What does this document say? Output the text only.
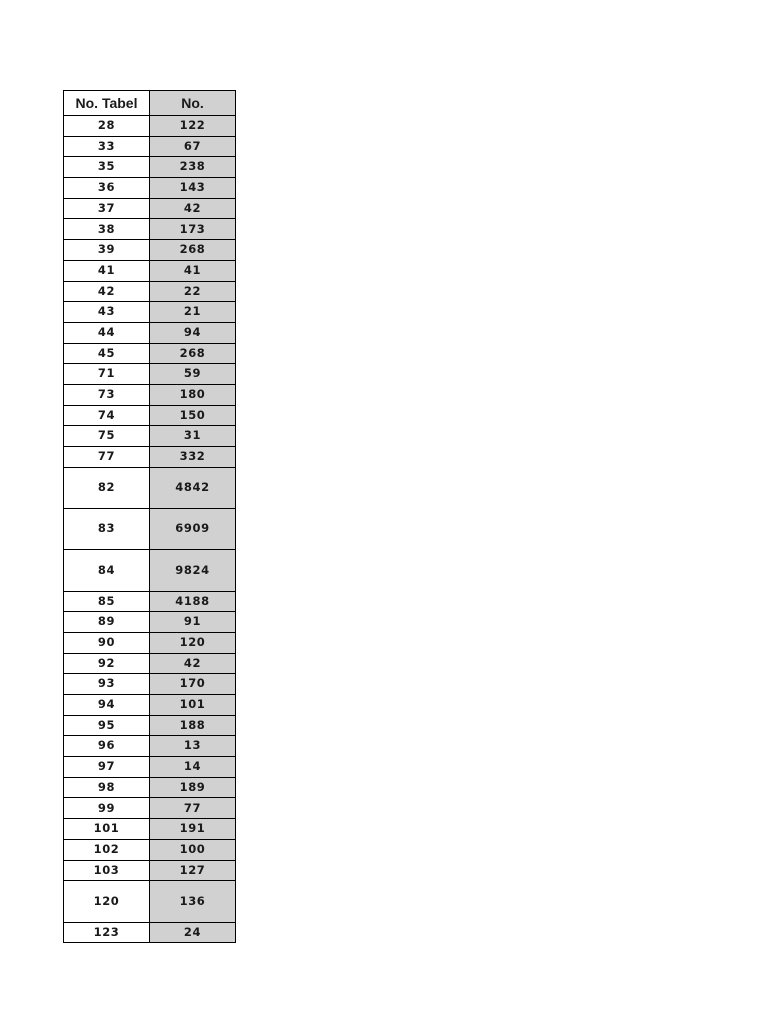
No. Tabel	No.
28	122
33	67
35	238
36	143
37	42
38	173
39	268
41	41
42	22
43	21
44	94
45	268
71	59
73	180
74	150
75	31
77	332
82	4842
83	6909
84	9824
85	4188
89	91
90	120
92	42
93	170
94	101
95	188
96	13
97	14
98	189
99	77
101	191
102	100
103	127
120	136
123	24
